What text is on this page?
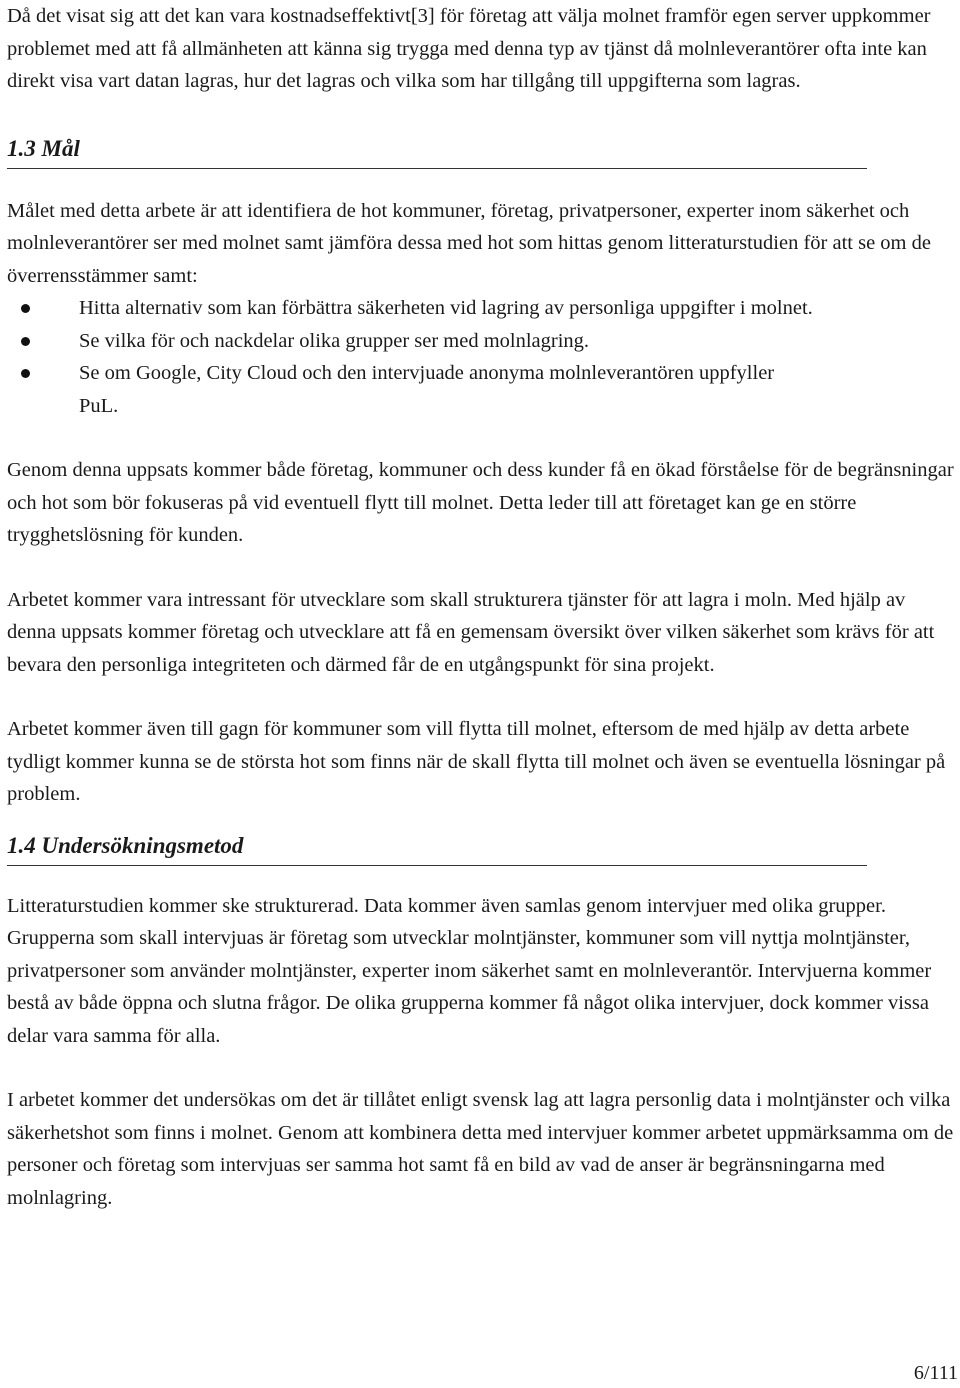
Då det visat sig att det kan vara kostnadseffektivt[3] för företag att välja molnet framför egen server uppkommer problemet med att få allmänheten att känna sig trygga med denna typ av tjänst då molnleverantörer ofta inte kan direkt visa vart datan lagras, hur det lagras och vilka som har tillgång till uppgifterna som lagras.

1.3 Mål

Målet med detta arbete är att identifiera de hot kommuner, företag, privatpersoner, experter inom säkerhet och molnleverantörer ser med molnet samt jämföra dessa med hot som hittas genom litteraturstudien för att se om de överrensstämmer samt:

Hitta alternativ som kan förbättra säkerheten vid lagring av personliga uppgifter i molnet.
Se vilka för och nackdelar olika grupper ser med molnlagring.
Se om Google, City Cloud och den intervjuade anonyma molnleverantören uppfyller PuL.

Genom denna uppsats kommer både företag, kommuner och dess kunder få en ökad förståelse för de begränsningar och hot som bör fokuseras på vid eventuell flytt till molnet. Detta leder till att företaget kan ge en större trygghetslösning för kunden.

Arbetet kommer vara intressant för utvecklare som skall strukturera tjänster för att lagra i moln. Med hjälp av denna uppsats kommer företag och utvecklare att få en gemensam översikt över vilken säkerhet som krävs för att bevara den personliga integriteten och därmed får de en utgångspunkt för sina projekt.

Arbetet kommer även till gagn för kommuner som vill flytta till molnet, eftersom de med hjälp av detta arbete tydligt kommer kunna se de största hot som finns när de skall flytta till molnet och även se eventuella lösningar på problem.

1.4 Undersökningsmetod

Litteraturstudien kommer ske strukturerad. Data kommer även samlas genom intervjuer med olika grupper. Grupperna som skall intervjuas är företag som utvecklar molntjänster, kommuner som vill nyttja molntjänster, privatpersoner som använder molntjänster, experter inom säkerhet samt en molnleverantör. Intervjuerna kommer bestå av både öppna och slutna frågor. De olika grupperna kommer få något olika intervjuer, dock kommer vissa delar vara samma för alla.

I arbetet kommer det undersökas om det är tillåtet enligt svensk lag att lagra personlig data i molntjänster och vilka säkerhetshot som finns i molnet. Genom att kombinera detta med intervjuer kommer arbetet uppmärksamma om de personer och företag som intervjuas ser samma hot samt få en bild av vad de anser är begränsningarna med molnlagring.

6/111
